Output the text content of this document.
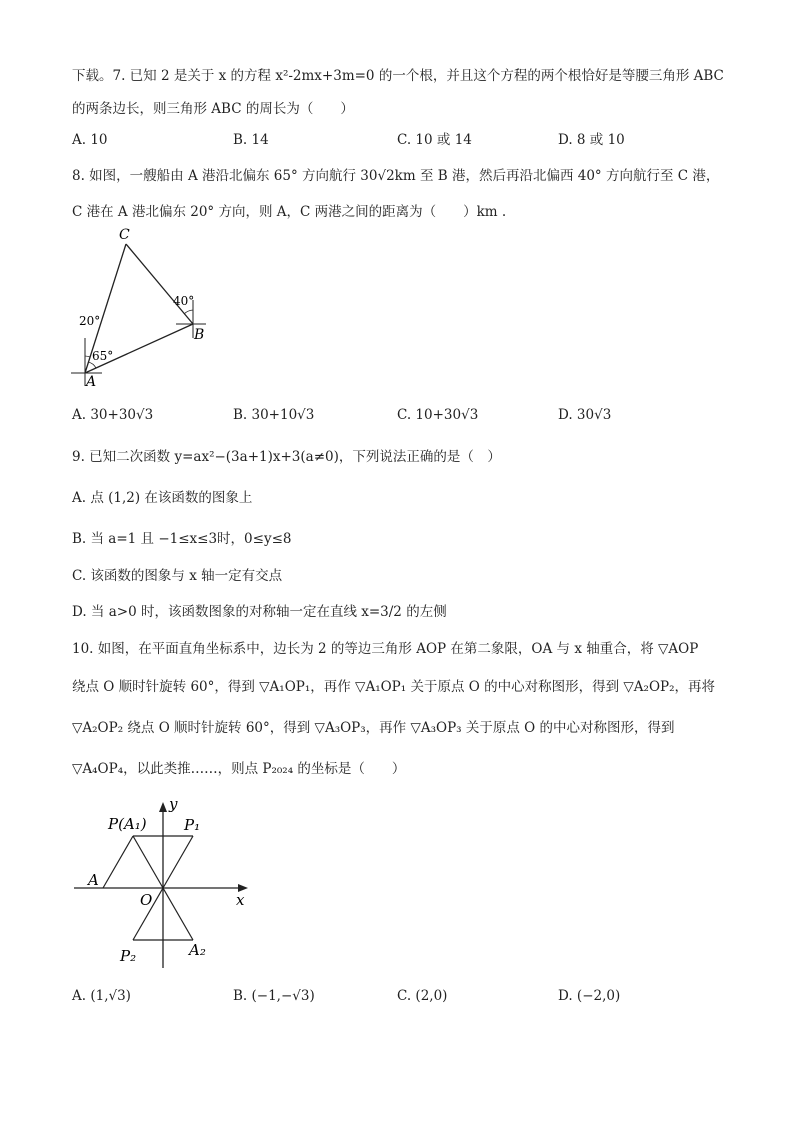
下载。7. 已知 2 是关于 x 的方程 x²-2mx+3m=0 的一个根，并且这个方程的两个根恰好是等腰三角形 ABC
的两条边长，则三角形 ABC 的周长为（　　）
A. 10	B. 14	C. 10 或 14	D. 8 或 10
8. 如图，一艘船由 A 港沿北偏东 65° 方向航行 30√2km 至 B 港，然后再沿北偏西 40° 方向航行至 C 港，
C 港在 A 港北偏东 20° 方向，则 A，C 两港之间的距离为（　　）km .
C
B
A
40°
20°
65°
A. 30+30√3	B. 30+10√3	C. 10+30√3	D. 30√3
9. 已知二次函数 y=ax²−(3a+1)x+3(a≠0)，下列说法正确的是（　）
A. 点 (1,2) 在该函数的图象上
B. 当 a=1 且 −1≤x≤3时，0≤y≤8
C. 该函数的图象与 x 轴一定有交点
D. 当 a>0 时，该函数图象的对称轴一定在直线 x=3/2 的左侧
10. 如图，在平面直角坐标系中，边长为 2 的等边三角形 AOP 在第二象限，OA 与 x 轴重合，将 ▽AOP
绕点 O 顺时针旋转 60°，得到 ▽A₁OP₁，再作 ▽A₁OP₁ 关于原点 O 的中心对称图形，得到 ▽A₂OP₂，再将
▽A₂OP₂ 绕点 O 顺时针旋转 60°，得到 ▽A₃OP₃，再作 ▽A₃OP₃ 关于原点 O 的中心对称图形，得到
▽A₄OP₄，以此类推……，则点 P₂₀₂₄ 的坐标是（　　）
y
x
O
A
P(A₁) P₁
P₂	A₂
A. (1,√3)	B. (−1,−√3)	C. (2,0)	D. (−2,0)
